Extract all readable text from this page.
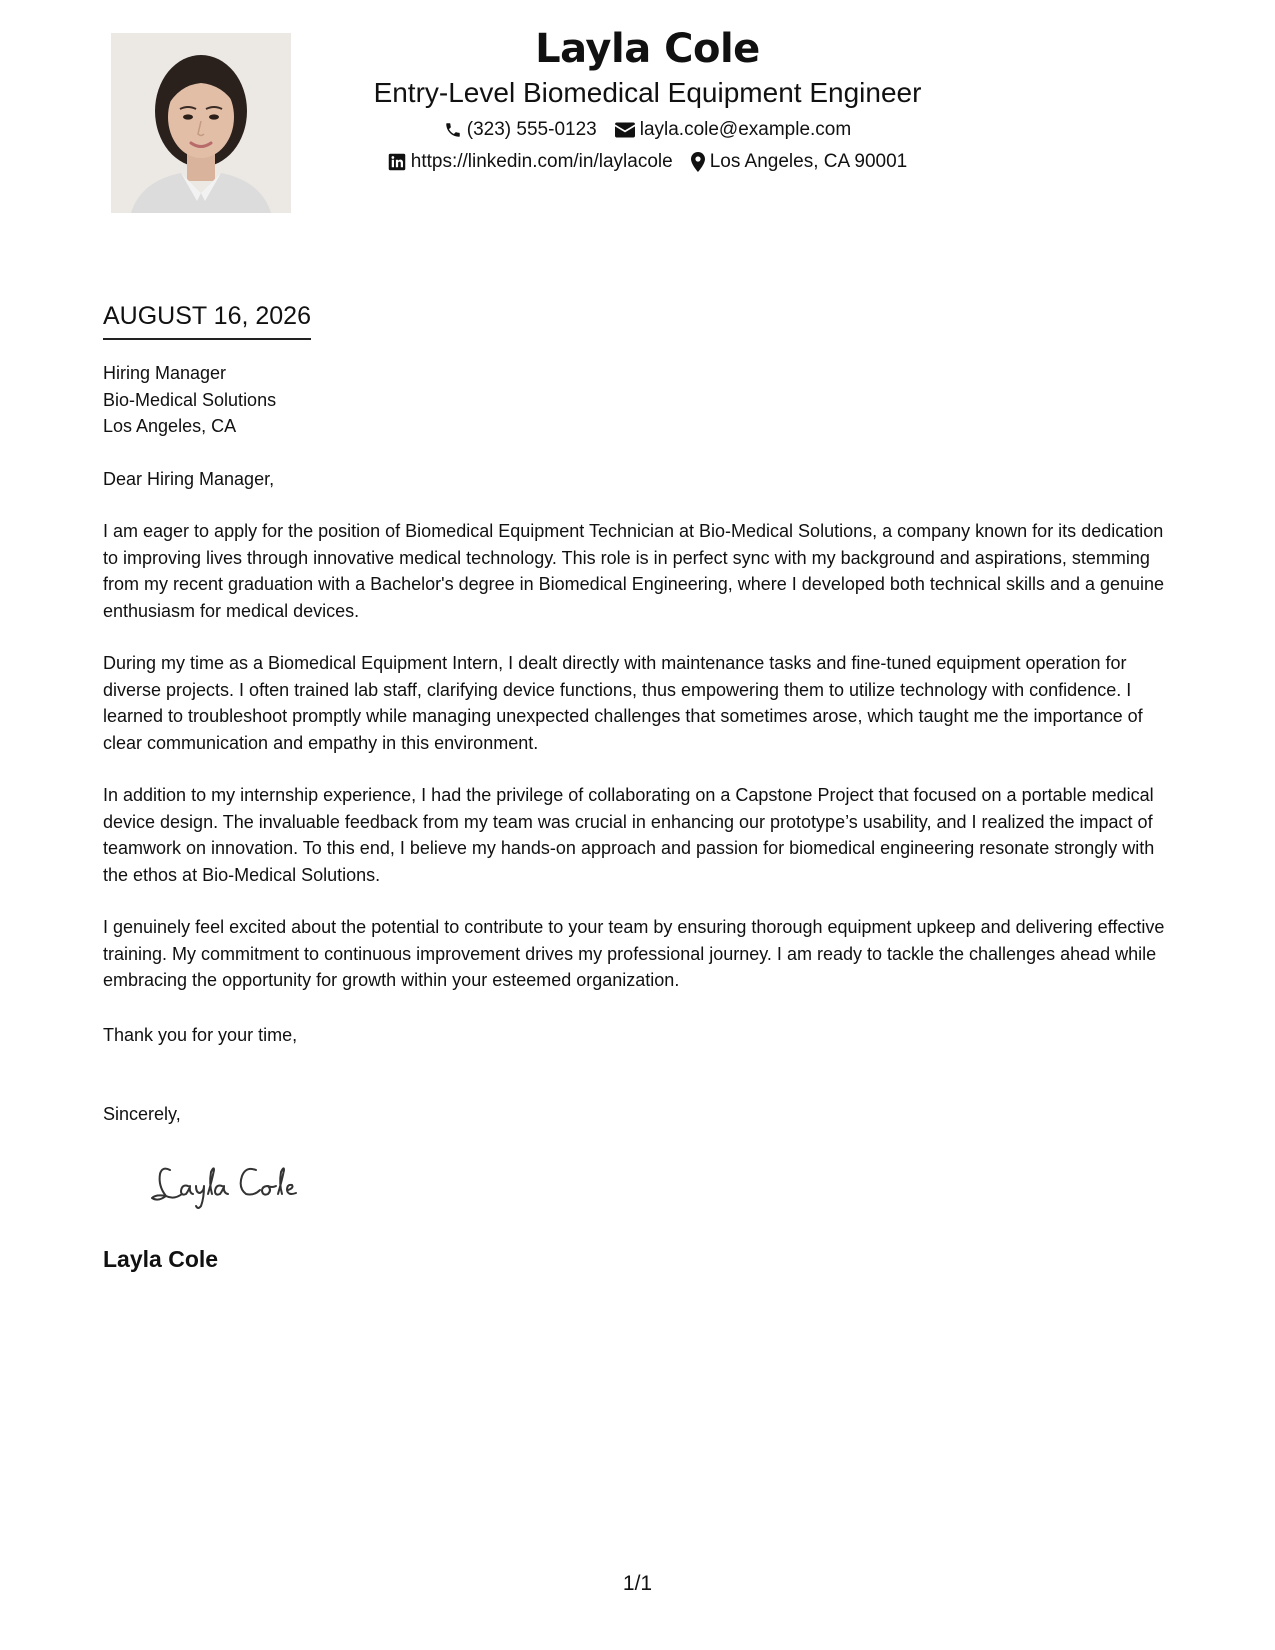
Layla Cole
Entry-Level Biomedical Equipment Engineer
(323) 555-0123 layla.cole@example.com
https://linkedin.com/in/laylacole Los Angeles, CA 90001
AUGUST 16, 2026

Hiring Manager

Bio-Medical Solutions

Los Angeles, CA

Dear Hiring Manager,

I am eager to apply for the position of Biomedical Equipment Technician at Bio-Medical Solutions, a company known for its dedication to improving lives through innovative medical technology. This role is in perfect sync with my background and aspirations, stemming from my recent graduation with a Bachelor's degree in Biomedical Engineering, where I developed both technical skills and a genuine enthusiasm for medical devices.

During my time as a Biomedical Equipment Intern, I dealt directly with maintenance tasks and fine-tuned equipment operation for diverse projects. I often trained lab staff, clarifying device functions, thus empowering them to utilize technology with confidence. I learned to troubleshoot promptly while managing unexpected challenges that sometimes arose, which taught me the importance of clear communication and empathy in this environment.

In addition to my internship experience, I had the privilege of collaborating on a Capstone Project that focused on a portable medical device design. The invaluable feedback from my team was crucial in enhancing our prototype’s usability, and I realized the impact of teamwork on innovation. To this end, I believe my hands-on approach and passion for biomedical engineering resonate strongly with the ethos at Bio-Medical Solutions.

I genuinely feel excited about the potential to contribute to your team by ensuring thorough equipment upkeep and delivering effective training. My commitment to continuous improvement drives my professional journey. I am ready to tackle the challenges ahead while embracing the opportunity for growth within your esteemed organization.

Thank you for your time,
Sincerely,
Layla Cole
1/1
